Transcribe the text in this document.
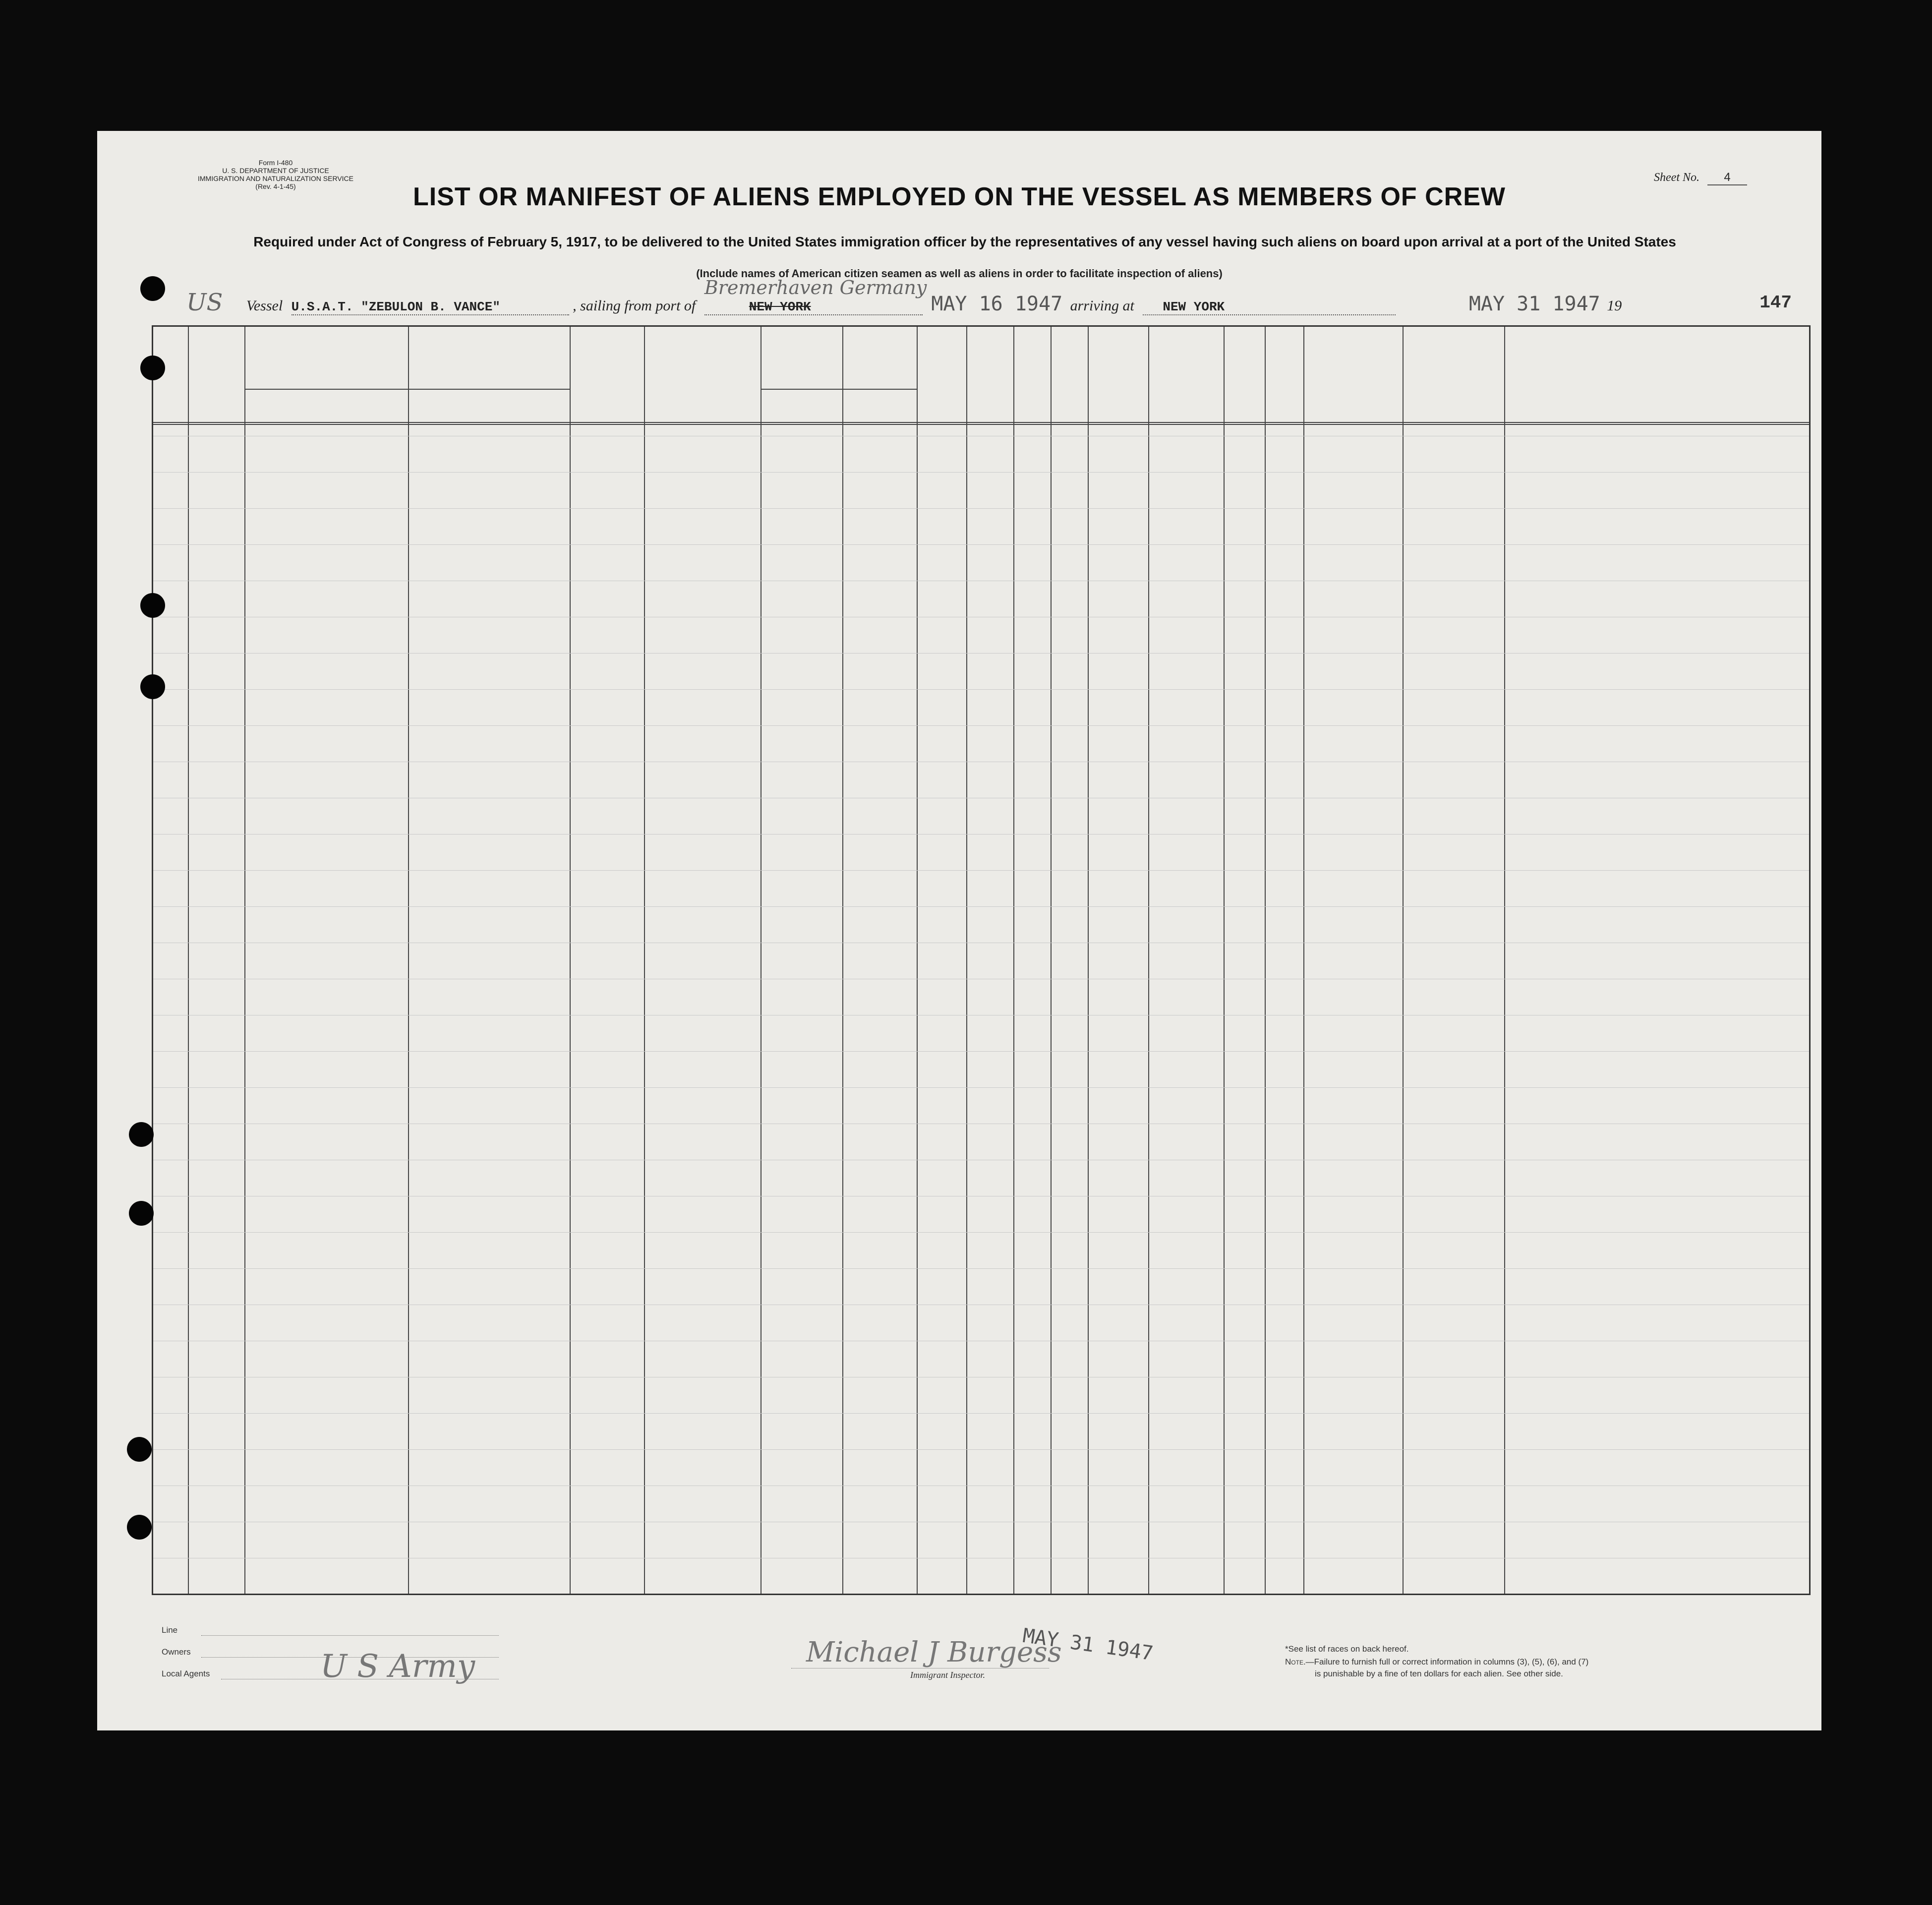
Form I-480
U. S. DEPARTMENT OF JUSTICE
IMMIGRATION AND NATURALIZATION SERVICE
(Rev. 4-1-45)
Sheet No. 4
LIST OR MANIFEST OF ALIENS EMPLOYED ON THE VESSEL AS MEMBERS OF CREW
Required under Act of Congress of February 5, 1917, to be delivered to the United States immigration officer by the representatives of any vessel having such aliens on board upon arrival at a port of the United States
(Include names of American citizen seamen as well as aliens in order to facilitate inspection of aliens)
US Vessel U.S.A.T. "ZEBULON B. VANCE"	, sailing from port of
Bremerhaven Germany
NEW YORK	MAY 16 1947 arriving at NEW YORK	MAY 31 1947 19	147
Line
Owners
Local Agents	U S Army	Michael J Burgess
Immigrant Inspector.
MAY 31 1947	*See list of races on back hereof.
Note.—Failure to furnish full or correct information in columns (3), (5), (6), and (7)
is punishable by a fine of ten dollars for each alien. See other side.
